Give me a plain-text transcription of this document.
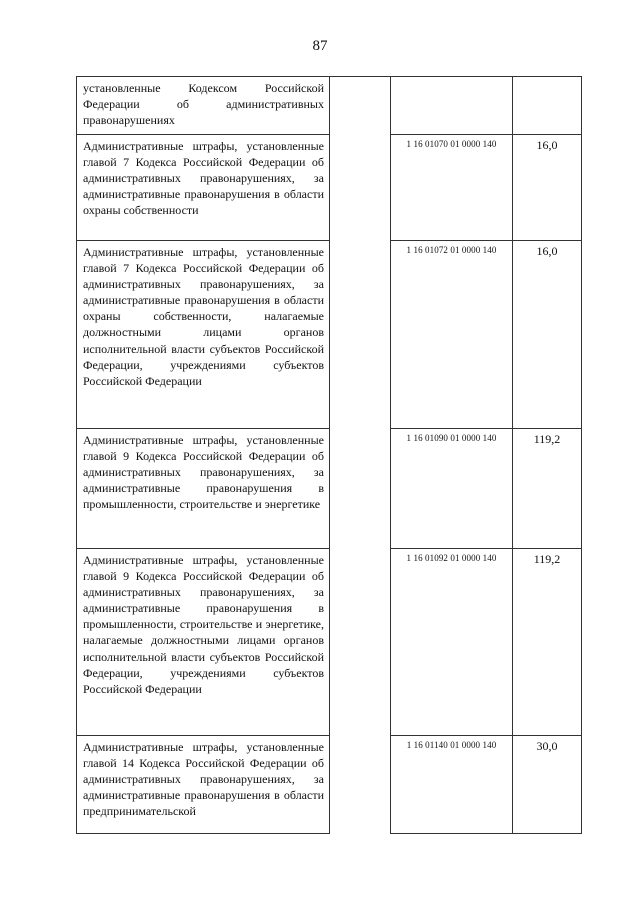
87
установленные Кодексом Российской Федерации об административных правонарушениях			

Административные штрафы, установленные главой 7 Кодекса Российской Федерации об административных правонарушениях, за административные правонарушения в области охраны собственности		1 16 01070 01 0000 140	16,0

Административные штрафы, установленные главой 7 Кодекса Российской Федерации об административных правонарушениях, за административные правонарушения в области охраны собственности, налагаемые должностными лицами органов исполнительной власти субъектов Российской Федерации, учреждениями субъектов Российской Федерации		1 16 01072 01 0000 140	16,0

Административные штрафы, установленные главой 9 Кодекса Российской Федерации об административных правонарушениях, за административные правонарушения в промышленности, строительстве и энергетике		1 16 01090 01 0000 140	119,2

Административные штрафы, установленные главой 9 Кодекса Российской Федерации об административных правонарушениях, за административные правонарушения в промышленности, строительстве и энергетике, налагаемые должностными лицами органов исполнительной власти субъектов Российской Федерации, учреждениями субъектов Российской Федерации		1 16 01092 01 0000 140	119,2

Административные штрафы, установленные главой 14 Кодекса Российской Федерации об административных правонарушениях, за административные правонарушения в области предпринимательской		1 16 01140 01 0000 140	30,0
